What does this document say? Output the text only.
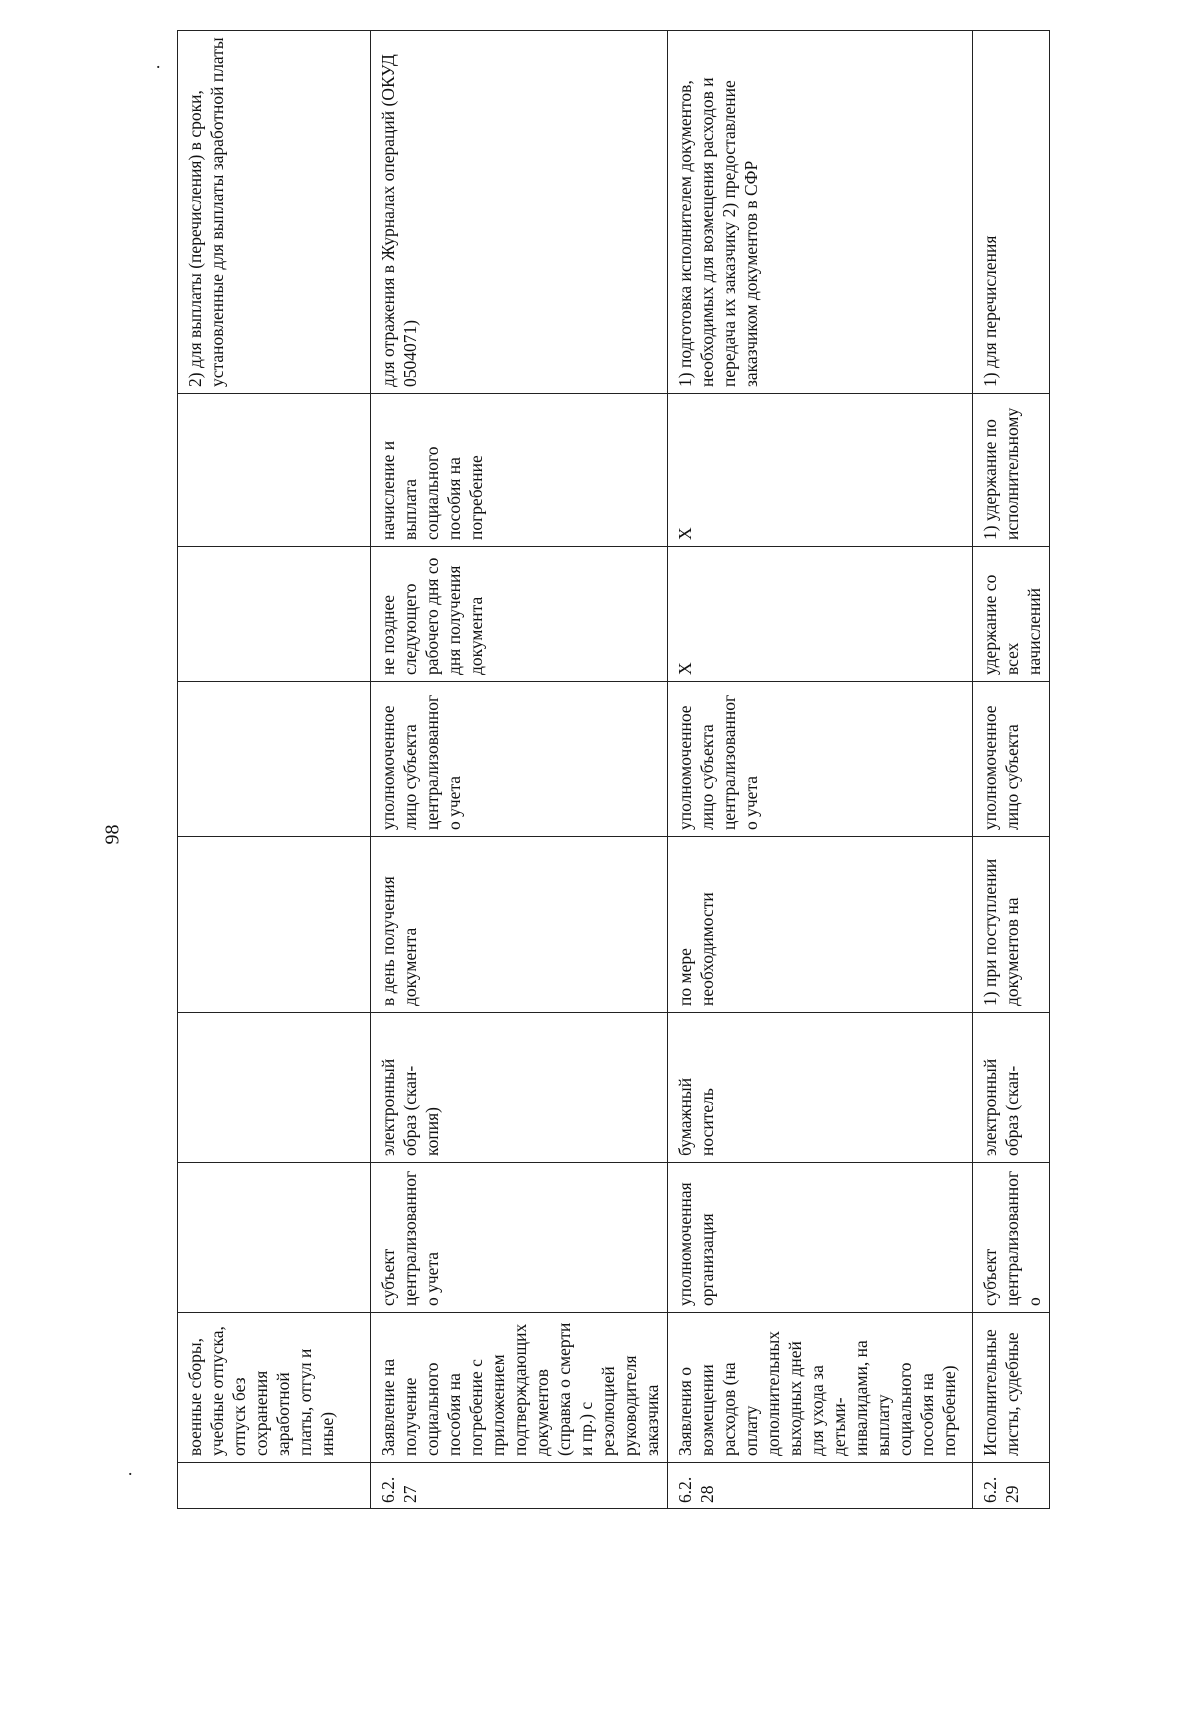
98
.
.
	военные сборы, учебные отпуска, отпуск без сохранения заработной платы, отгул и иные)							2) для выплаты (перечисления) в сроки, установленные для выплаты заработной платы
6.2.27	Заявление на получение социального пособия на погребение с приложением подтверждающих документов (справка о смерти и пр.) с резолюцией руководителя заказчика	субъект централизованного учета	электронный образ (скан-копия)	в день получения документа	уполномоченное лицо субъекта централизованного учета	не позднее следующего рабочего дня со дня получения документа	начисление и выплата социального пособия на погребение	для отражения в Журналах операций (ОКУД 0504071)
6.2.28	Заявления о возмещении расходов (на оплату дополнительных выходных дней для ухода за детьми-инвалидами, на выплату социального пособия на погребение)	уполномоченная организация	бумажный носитель	по мере необходимости	уполномоченное лицо субъекта централизованного учета	Х	Х	1) подготовка исполнителем документов, необходимых для возмещения расходов и передача их заказчику 2) предоставление заказчиком документов в СФР
6.2.29	Исполнительные листы, судебные	субъект централизованного	электронный образ (скан-	1) при поступлении документов на	уполномоченное лицо субъекта	удержание со всех начислений	1) удержание по исполнительному	1) для перечисления
